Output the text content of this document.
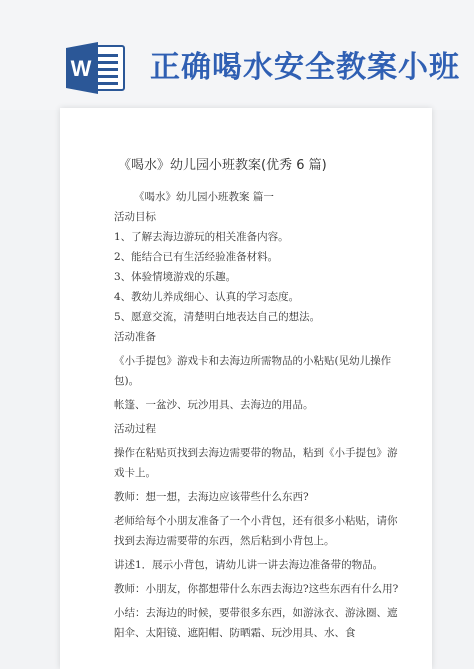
W 正确喝水安全教案小班
《喝水》幼儿园小班教案(优秀 6 篇)
《喝水》幼儿园小班教案 篇一
活动目标
1、了解去海边游玩的相关准备内容。
2、能结合已有生活经验准备材料。
3、体验情境游戏的乐趣。
4、教幼儿养成细心、认真的学习态度。
5、愿意交流，清楚明白地表达自己的想法。
活动准备
《小手提包》游戏卡和去海边所需物品的小粘贴(见幼儿操作包)。
帐篷、一盆沙、玩沙用具、去海边的用品。
活动过程
操作在粘贴页找到去海边需要带的物品，粘到《小手提包》游戏卡上。
教师：想一想，去海边应该带些什么东西?
老师给每个小朋友准备了一个小背包，还有很多小粘贴，请你找到去海边需要带的东西，然后粘到小背包上。
讲述1．展示小背包，请幼儿讲一讲去海边准备带的物品。
教师：小朋友，你都想带什么东西去海边?这些东西有什么用?
小结：去海边的时候，要带很多东西，如游泳衣、游泳圈、遮阳伞、太阳镜、遮阳帽、防晒霜、玩沙用具、水、食
